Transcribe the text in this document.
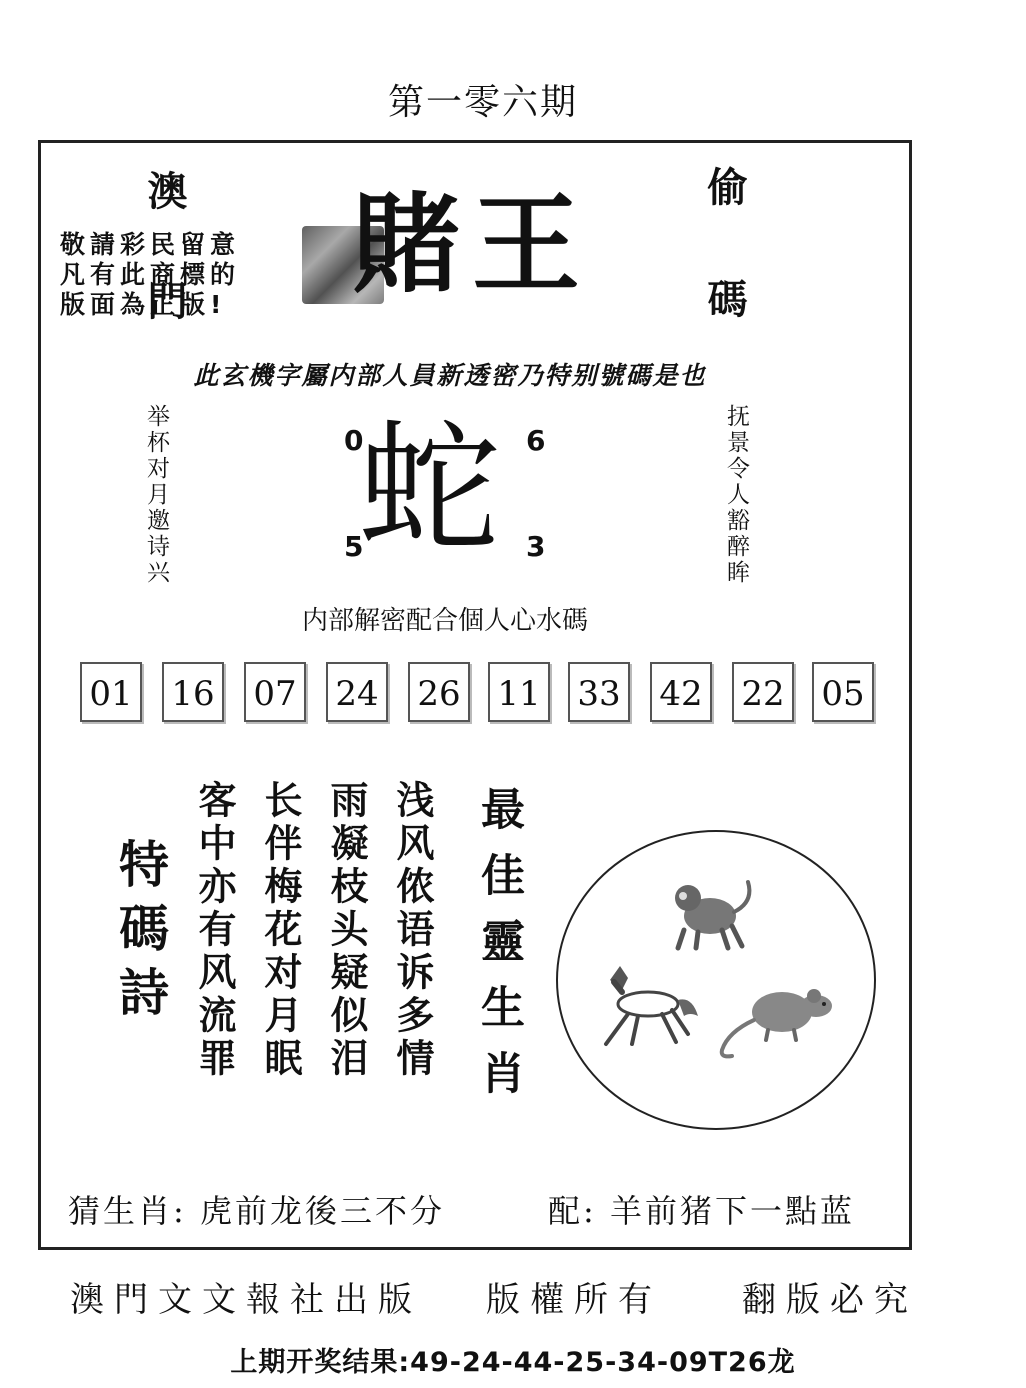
第一零六期
澳門	偷碼
敬請彩民留意
凡有此商標的
版面為正版!	賭王
此玄機字屬内部人員新透密乃特别號碼是也
举杯对月邀诗兴	抚景令人豁醉眸
蛇
0	6
5	3
内部解密配合個人心水碼
01 16 07 24 26 11 33 42 22 05
特碼詩	浅风侬语诉多情
雨凝枝头疑似泪
长伴梅花对月眠
客中亦有风流罪	最佳靈生肖
猜生肖: 虎前龙後三不分	配: 羊前猪下一點蓝
澳門文文報社出版 版權所有 翻版必究
上期开奖结果:49-24-44-25-34-09T26龙
